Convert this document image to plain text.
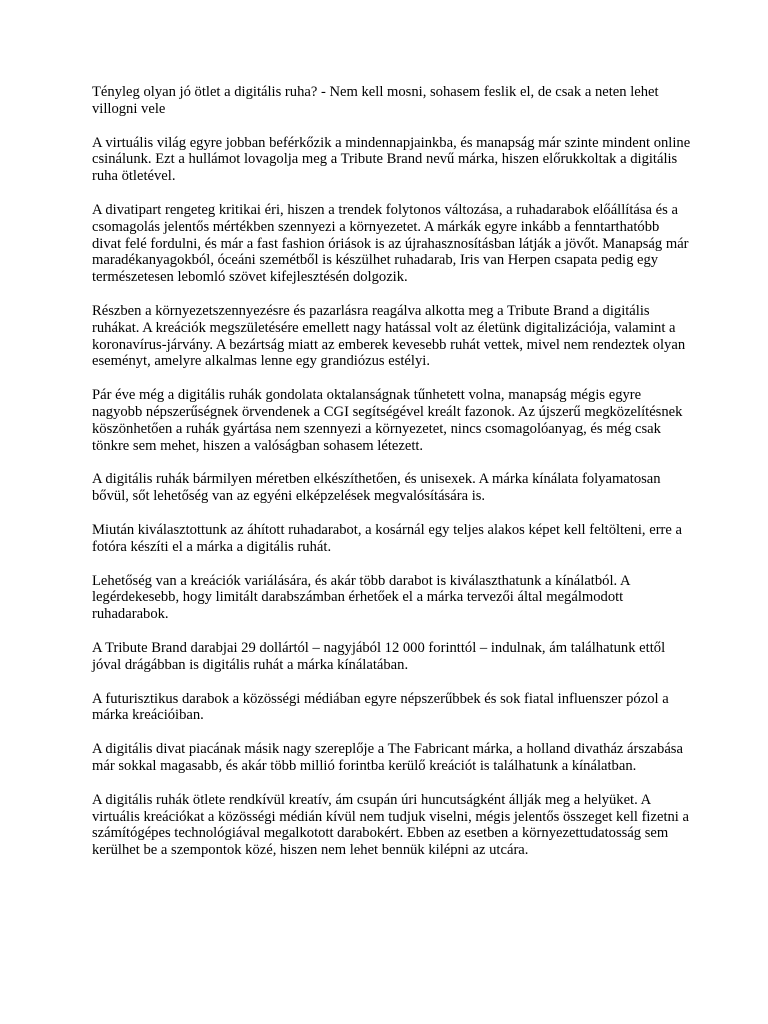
Tényleg olyan jó ötlet a digitális ruha? - Nem kell mosni, sohasem feslik el, de csak a neten lehet villogni vele

A virtuális világ egyre jobban beférkőzik a mindennapjainkba, és manapság már szinte mindent online csinálunk. Ezt a hullámot lovagolja meg a Tribute Brand nevű márka, hiszen előrukkoltak a digitális ruha ötletével.

A divatipart rengeteg kritikai éri, hiszen a trendek folytonos változása, a ruhadarabok előállítása és a csomagolás jelentős mértékben szennyezi a környezetet. A márkák egyre inkább a fenntarthatóbb divat felé fordulni, és már a fast fashion óriások is az újrahasznosításban látják a jövőt. Manapság már maradékanyagokból, óceáni szemétből is készülhet ruhadarab, Iris van Herpen csapata pedig egy természetesen lebomló szövet kifejlesztésén dolgozik.

Részben a környezetszennyezésre és pazarlásra reagálva alkotta meg a Tribute Brand a digitális ruhákat. A kreációk megszületésére emellett nagy hatással volt az életünk digitalizációja, valamint a koronavírus-járvány. A bezártság miatt az emberek kevesebb ruhát vettek, mivel nem rendeztek olyan eseményt, amelyre alkalmas lenne egy grandiózus estélyi.

Pár éve még a digitális ruhák gondolata oktalanságnak tűnhetett volna, manapság mégis egyre nagyobb népszerűségnek örvendenek a CGI segítségével kreált fazonok. Az újszerű megközelítésnek köszönhetően a ruhák gyártása nem szennyezi a környezetet, nincs csomagolóanyag, és még csak tönkre sem mehet, hiszen a valóságban sohasem létezett.

A digitális ruhák bármilyen méretben elkészíthetően, és unisexek. A márka kínálata folyamatosan bővül, sőt lehetőség van az egyéni elképzelések megvalósítására is.

Miután kiválasztottunk az áhított ruhadarabot, a kosárnál egy teljes alakos képet kell feltölteni, erre a fotóra készíti el a márka a digitális ruhát.

Lehetőség van a kreációk variálására, és akár több darabot is kiválaszthatunk a kínálatból. A legérdekesebb, hogy limitált darabszámban érhetőek el a márka tervezői által megálmodott ruhadarabok.

A Tribute Brand darabjai 29 dollártól – nagyjából 12 000 forinttól – indulnak, ám találhatunk ettől jóval drágábban is digitális ruhát a márka kínálatában.

A futurisztikus darabok a közösségi médiában egyre népszerűbbek és sok fiatal influenszer pózol a márka kreációiban.

A digitális divat piacának másik nagy szereplője a The Fabricant márka, a holland divatház árszabása már sokkal magasabb, és akár több millió forintba kerülő kreációt is találhatunk a kínálatban.

A digitális ruhák ötlete rendkívül kreatív, ám csupán úri huncutságként állják meg a helyüket. A virtuális kreációkat a közösségi médián kívül nem tudjuk viselni, mégis jelentős összeget kell fizetni a számítógépes technológiával megalkotott darabokért. Ebben az esetben a környezettudatosság sem kerülhet be a szempontok közé, hiszen nem lehet bennük kilépni az utcára.
